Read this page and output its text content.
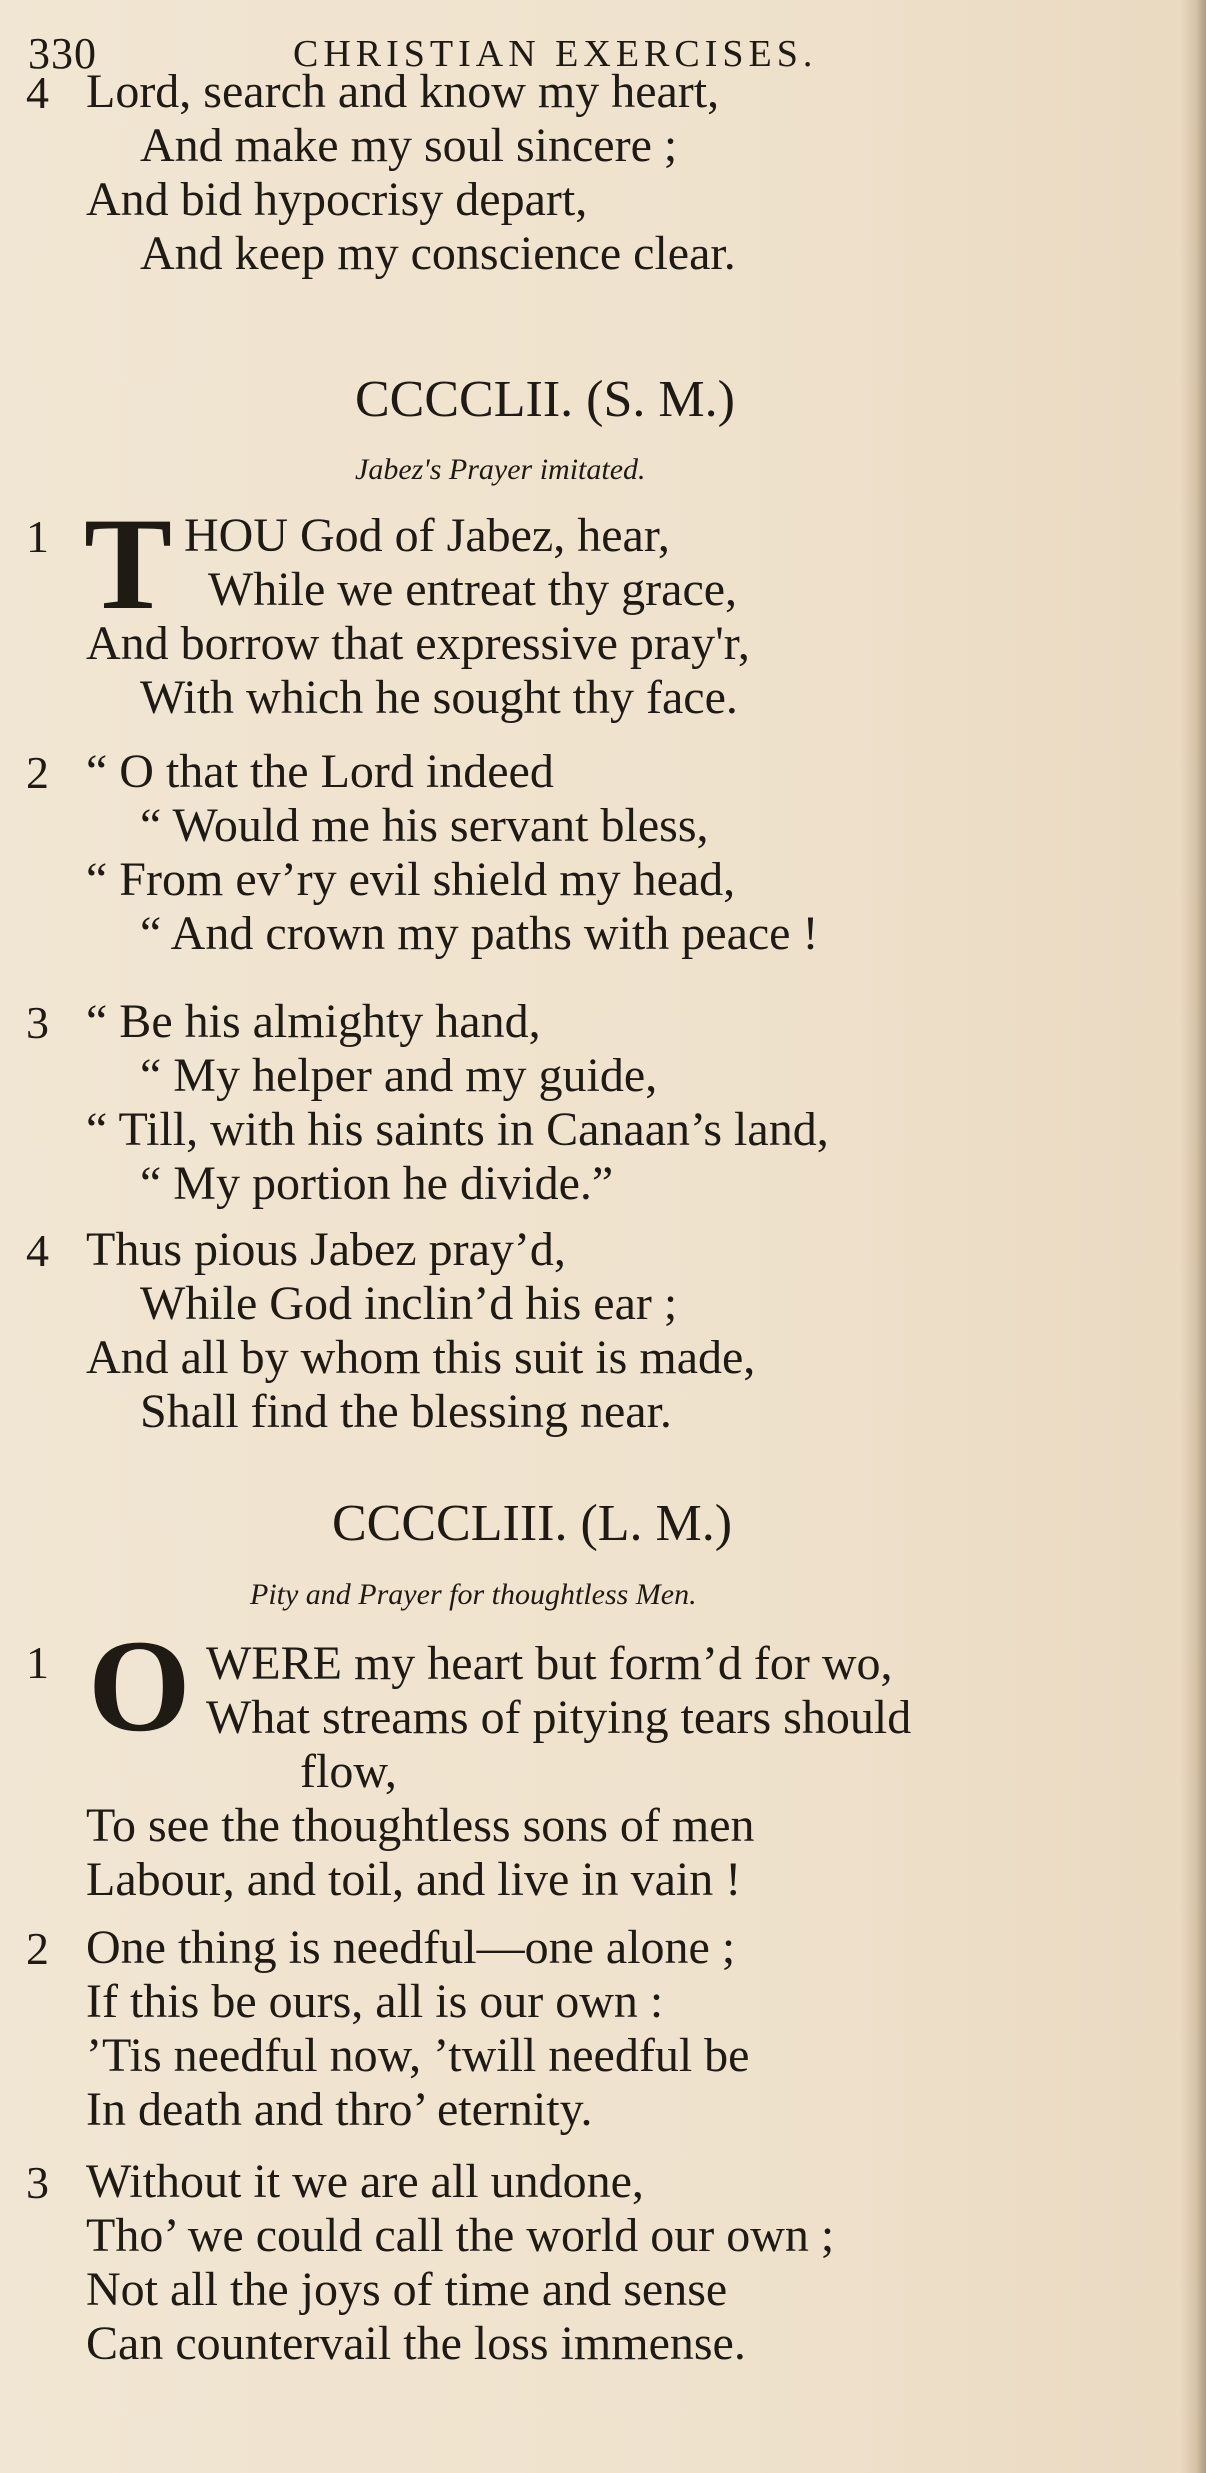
330	CHRISTIAN EXERCISES.
4 Lord, search and know my heart,
And make my soul sincere ;
And bid hypocrisy depart,
And keep my conscience clear.
CCCCLII. (S. M.)
Jabez's Prayer imitated.
1 T HOU God of Jabez, hear,
While we entreat thy grace,
And borrow that expressive pray'r,
With which he sought thy face.
2 “ O that the Lord indeed
“ Would me his servant bless,
“ From ev’ry evil shield my head,
“ And crown my paths with peace !
3 “ Be his almighty hand,
“ My helper and my guide,
“ Till, with his saints in Canaan’s land,
“ My portion he divide.”
4 Thus pious Jabez pray’d,
While God inclin’d his ear ;
And all by whom this suit is made,
Shall find the blessing near.
CCCCLIII. (L. M.)
Pity and Prayer for thoughtless Men.
1 O WERE my heart but form’d for wo,
What streams of pitying tears should
flow,
To see the thoughtless sons of men
Labour, and toil, and live in vain !
2 One thing is needful—one alone ;
If this be ours, all is our own :
’Tis needful now, ’twill needful be
In death and thro’ eternity.
3 Without it we are all undone,
Tho’ we could call the world our own ;
Not all the joys of time and sense
Can countervail the loss immense.
